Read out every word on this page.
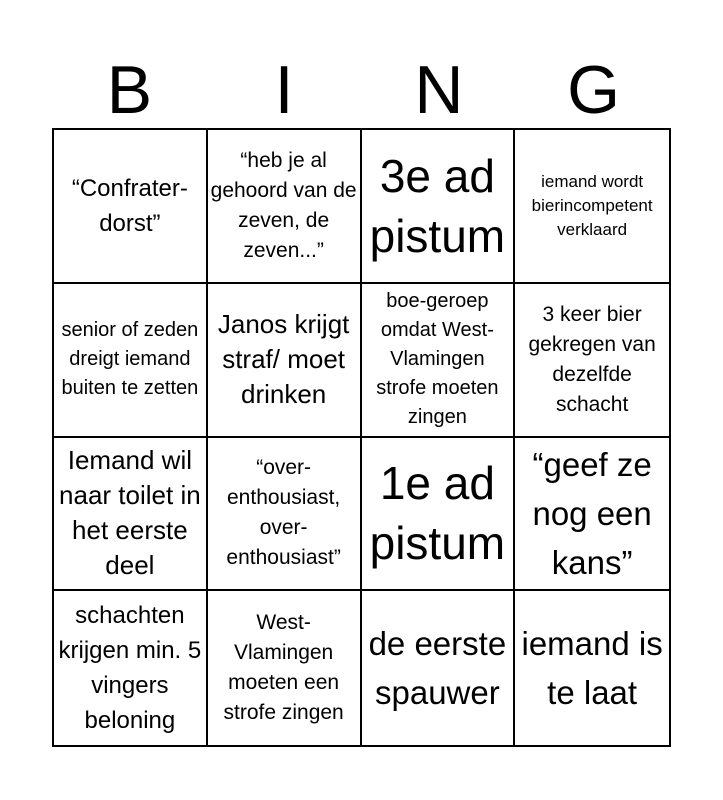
B	I	N	G
“Confrater-dorst”
“heb je al gehoord van de zeven, de zeven...”
3e ad pistum
iemand wordt bierincompetent verklaard
senior of zeden dreigt iemand buiten te zetten
Janos krijgt straf/ moet drinken
boe-geroep omdat West-Vlamingen strofe moeten zingen
3 keer bier gekregen van dezelfde schacht
Iemand wil naar toilet in het eerste deel
“over-enthousiast, over-enthousiast”
1e ad pistum
“geef ze nog een kans”
schachten krijgen min. 5 vingers beloning
West-Vlamingen moeten een strofe zingen
de eerste spauwer
iemand is te laat
